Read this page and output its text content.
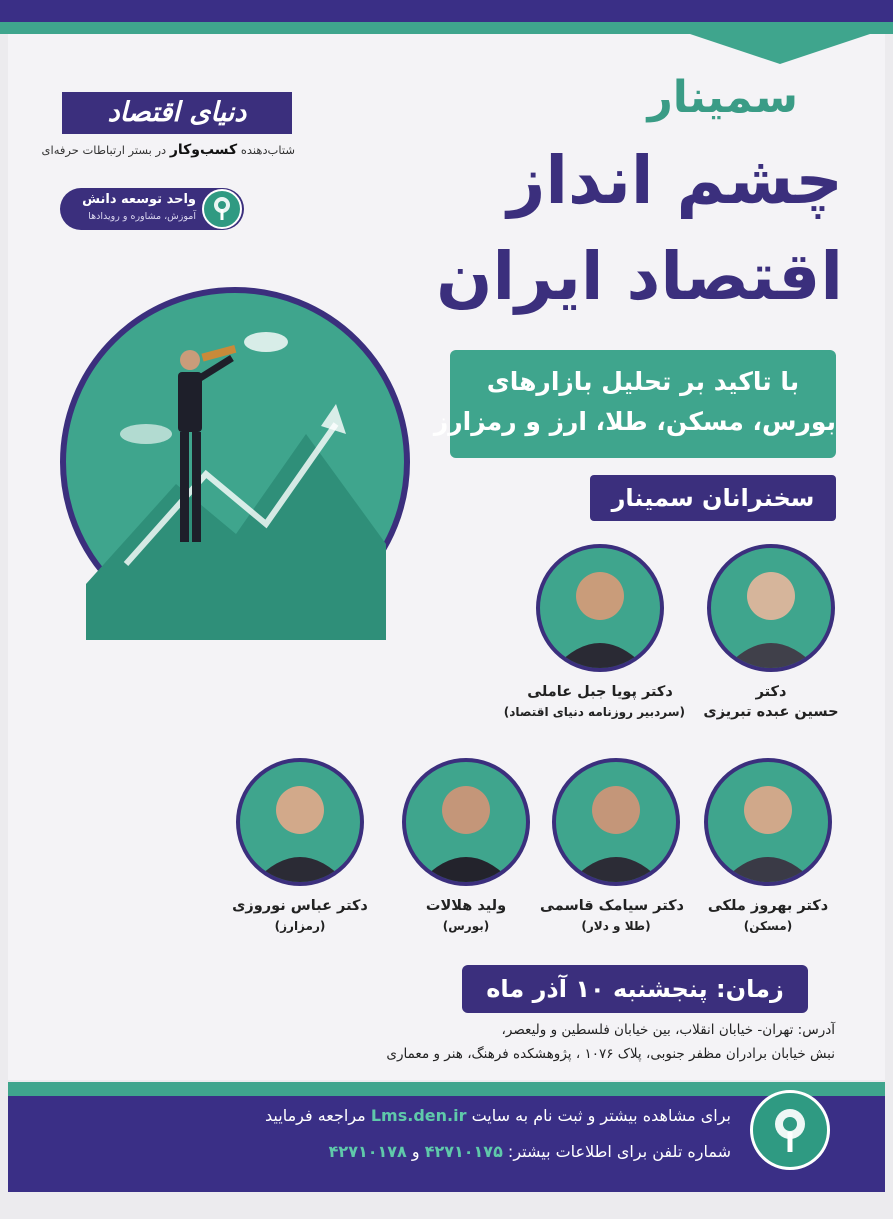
دنیای اقتصاد
شتاب‌دهنده کسب‌وکار در بستر ارتباطات حرفه‌ای
واحد توسعه دانش
آموزش، مشاوره و رویدادها
سمینار
چشم انداز
اقتصاد ایران
با تاکید بر تحلیل بازارهای
بورس، مسکن، طلا، ارز و رمزارز
سخنرانان سمینار
دکتر
حسین عبده تبریزی
دکتر پویا جبل عاملی
(سردبیر روزنامه دنیای اقتصاد)
دکتر بهروز ملکی
(مسکن)
دکتر سیامک قاسمی
(طلا و دلار)
ولید هلالات
(بورس)
دکتر عباس نوروزی
(رمزارز)
زمان: پنجشنبه ۱۰ آذر ماه
آدرس: تهران- خیابان انقلاب، بین خیابان فلسطین و ولیعصر،
نبش خیابان برادران مظفر جنوبی، پلاک ۱۰۷۶ ، پژوهشکده فرهنگ، هنر و معماری
برای مشاهده بیشتر و ثبت نام به سایت Lms.den.ir مراجعه فرمایید
شماره تلفن برای اطلاعات بیشتر: ۴۲۷۱۰۱۷۵ و ۴۲۷۱۰۱۷۸
